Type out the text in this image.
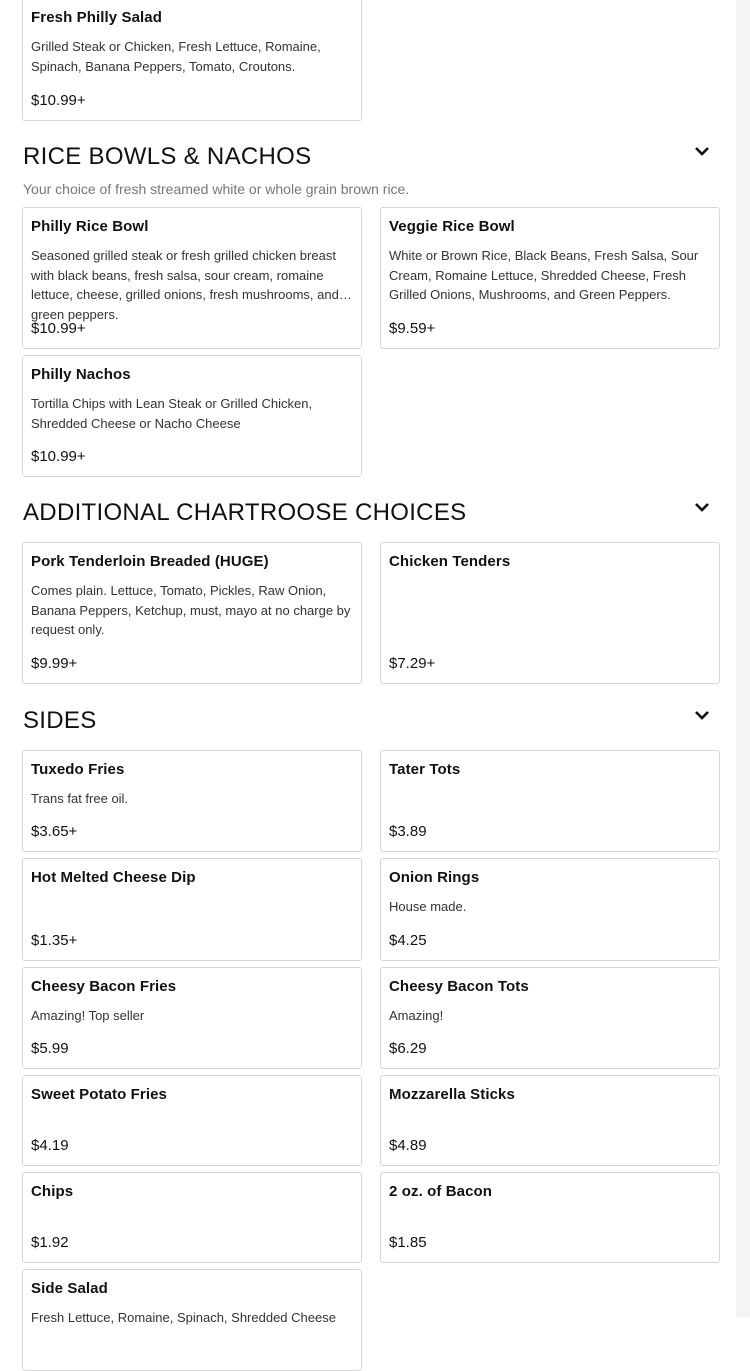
Fresh Philly Salad
Grilled Steak or Chicken, Fresh Lettuce, Romaine, Spinach, Banana Peppers, Tomato, Croutons.
$10.99+
RICE BOWLS & NACHOS
Your choice of fresh streamed white or whole grain brown rice.
Philly Rice Bowl
Seasoned grilled steak or fresh grilled chicken breast with black beans, fresh salsa, sour cream, romaine lettuce, cheese, grilled onions, fresh mushrooms, and green peppers.
$10.99+
Veggie Rice Bowl
White or Brown Rice, Black Beans, Fresh Salsa, Sour Cream, Romaine Lettuce, Shredded Cheese, Fresh Grilled Onions, Mushrooms, and Green Peppers.
$9.59+
Philly Nachos
Tortilla Chips with Lean Steak or Grilled Chicken, Shredded Cheese or Nacho Cheese
$10.99+
ADDITIONAL CHARTROOSE CHOICES
Pork Tenderloin Breaded (HUGE)
Comes plain. Lettuce, Tomato, Pickles, Raw Onion, Banana Peppers, Ketchup, must, mayo at no charge by request only.
$9.99+
Chicken Tenders
$7.29+
SIDES
Tuxedo Fries
Trans fat free oil.
$3.65+
Tater Tots
$3.89
Hot Melted Cheese Dip
$1.35+
Onion Rings
House made.
$4.25
Cheesy Bacon Fries
Amazing! Top seller
$5.99
Cheesy Bacon Tots
Amazing!
$6.29
Sweet Potato Fries
$4.19
Mozzarella Sticks
$4.89
Chips
$1.92
2 oz. of Bacon
$1.85
Side Salad
Fresh Lettuce, Romaine, Spinach, Shredded Cheese
